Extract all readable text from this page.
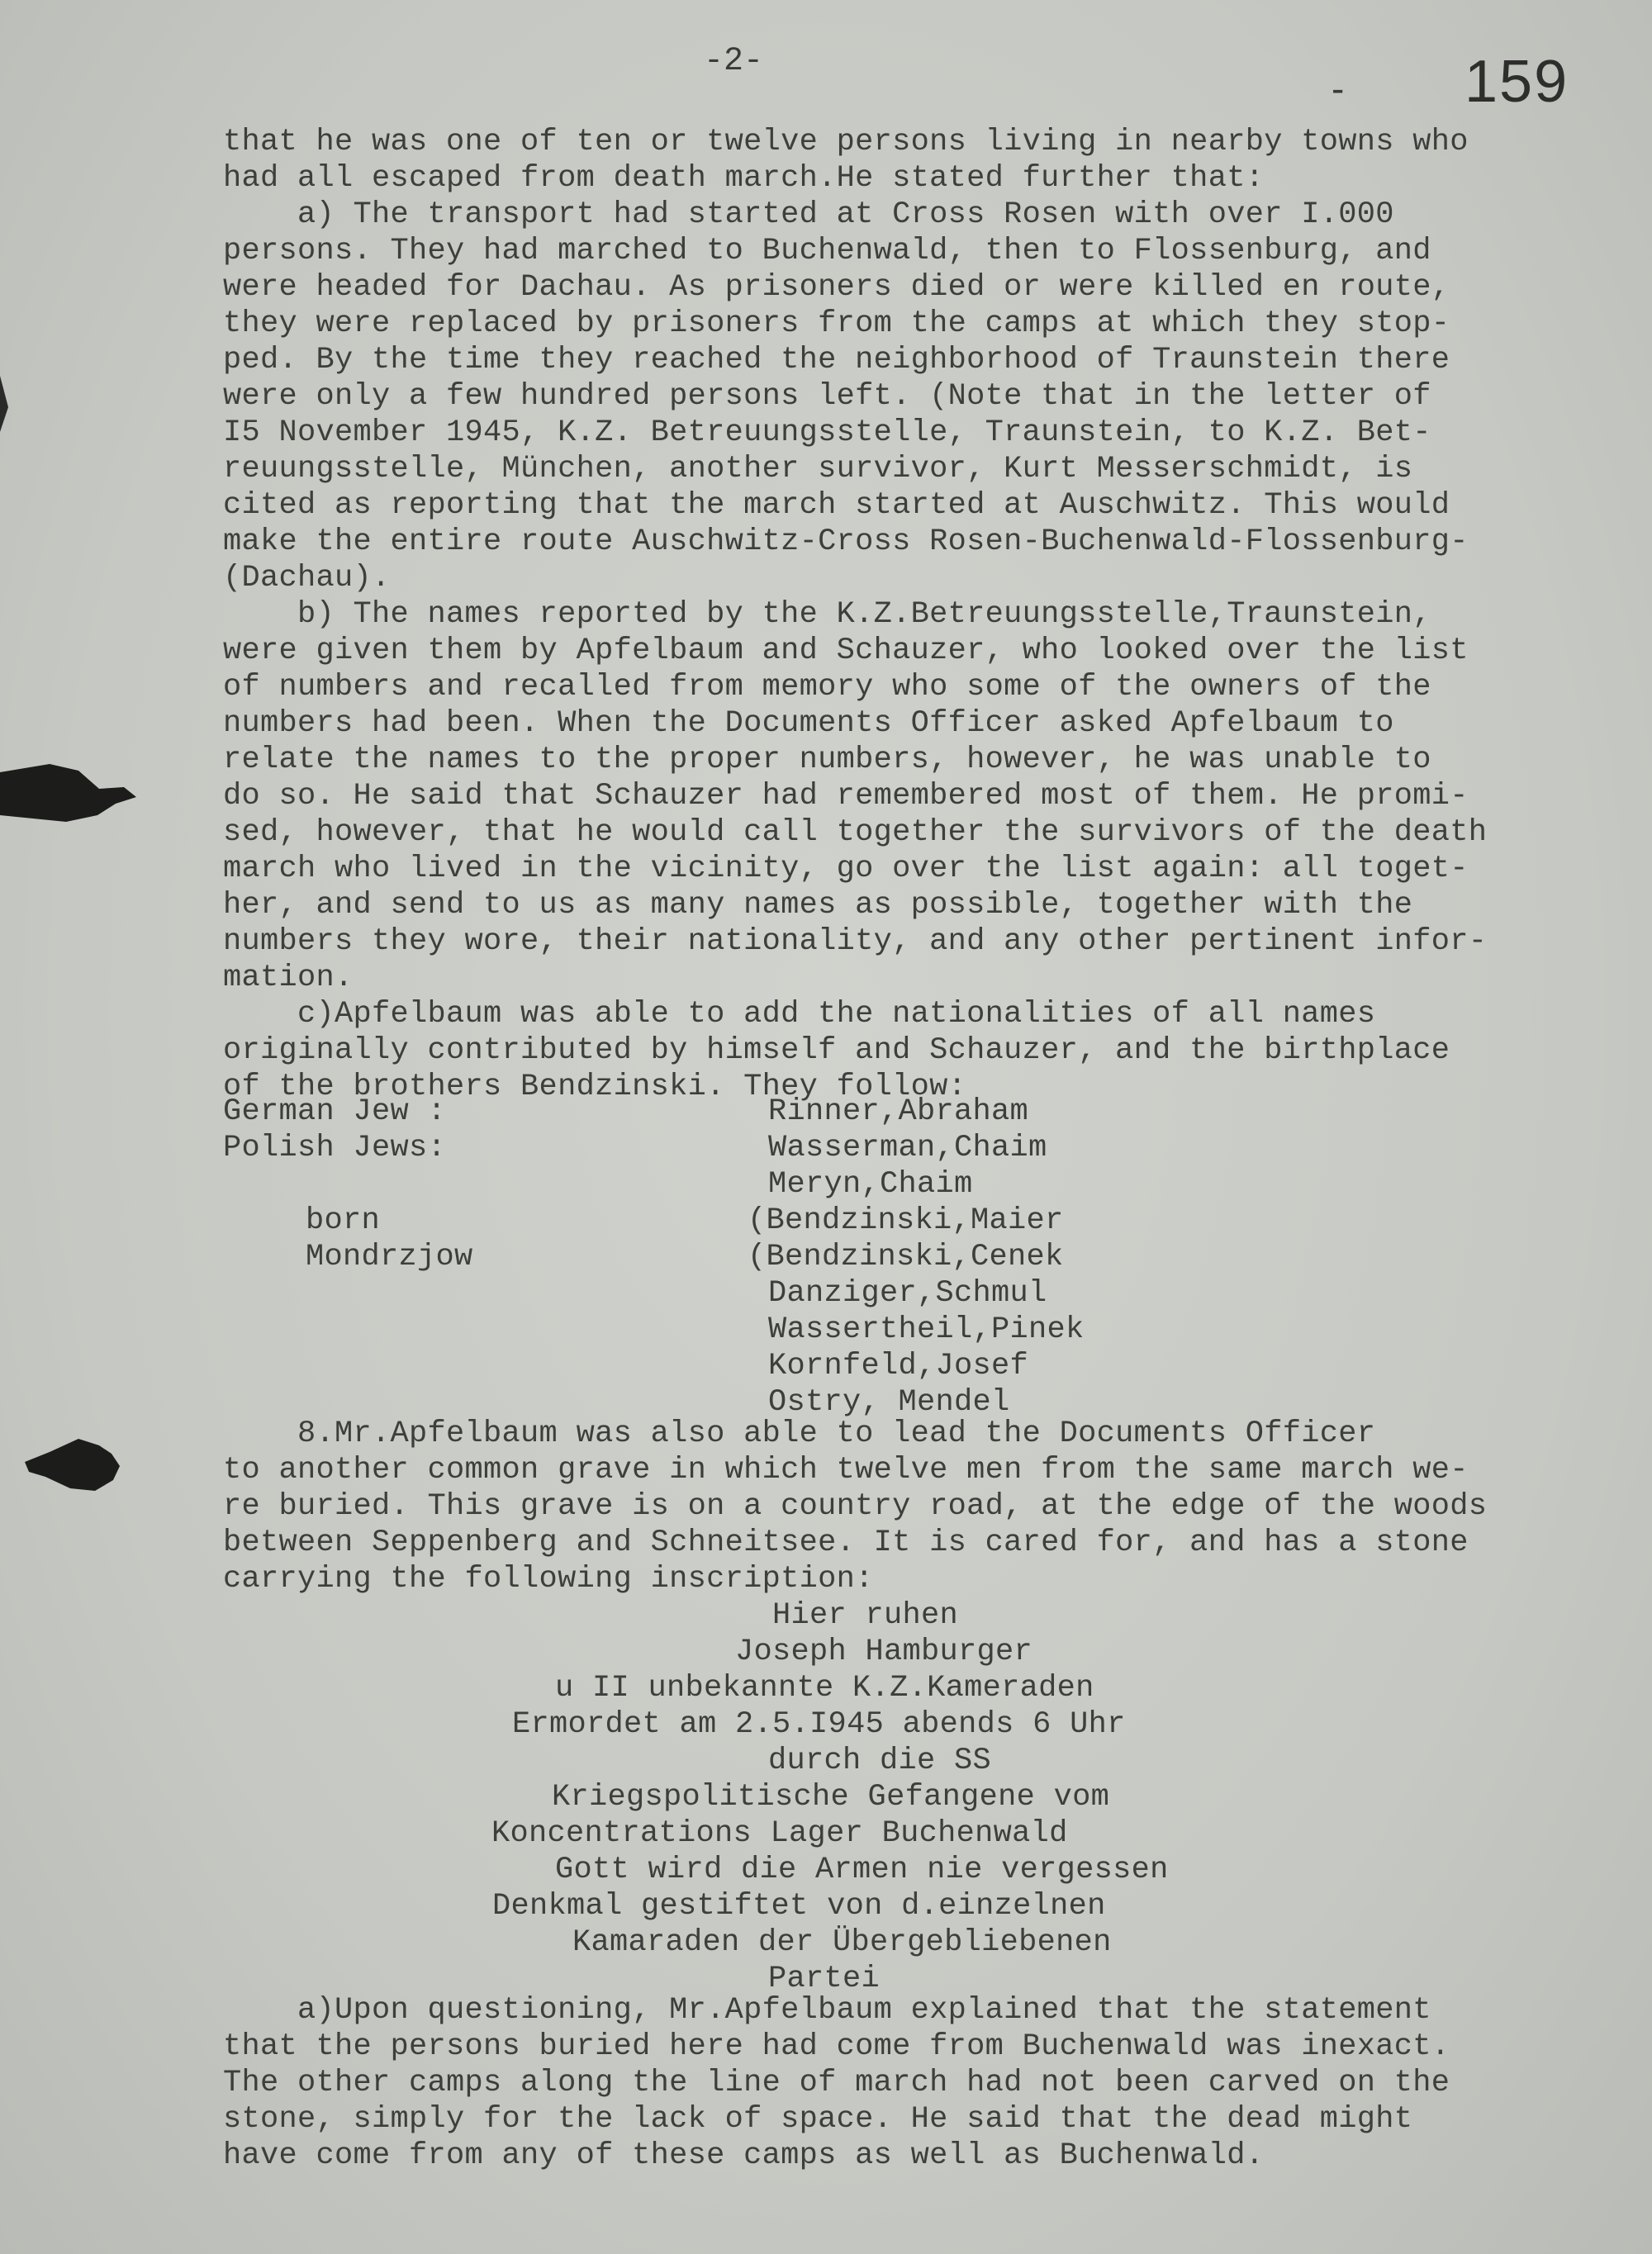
-2-
- 159
that he was one of ten or twelve persons living in nearby towns who
had all escaped from death march.He stated further that:
a) The transport had started at Cross Rosen with over I.000
persons. They had marched to Buchenwald, then to Flossenburg, and
were headed for Dachau. As prisoners died or were killed en route,
they were replaced by prisoners from the camps at which they stop-
ped. By the time they reached the neighborhood of Traunstein there
were only a few hundred persons left. (Note that in the letter of
I5 November 1945, K.Z. Betreuungsstelle, Traunstein, to K.Z. Bet-
reuungsstelle, München, another survivor, Kurt Messerschmidt, is
cited as reporting that the march started at Auschwitz. This would
make the entire route Auschwitz-Cross Rosen-Buchenwald-Flossenburg-
(Dachau).
b) The names reported by the K.Z.Betreuungsstelle,Traunstein,
were given them by Apfelbaum and Schauzer, who looked over the list
of numbers and recalled from memory who some of the owners of the
numbers had been. When the Documents Officer asked Apfelbaum to
relate the names to the proper numbers, however, he was unable to
do so. He said that Schauzer had remembered most of them. He promi-
sed, however, that he would call together the survivors of the death
march who lived in the vicinity, go over the list again: all toget-
her, and send to us as many names as possible, together with the
numbers they wore, their nationality, and any other pertinent infor-
mation.
c)Apfelbaum was able to add the nationalities of all names
originally contributed by himself and Schauzer, and the birthplace
of the brothers Bendzinski. They follow:
German Jew :	Rinner,Abraham
Polish Jews:	Wasserman,Chaim
Meryn,Chaim
born	(Bendzinski,Maier
Mondrzjow	(Bendzinski,Cenek
Danziger,Schmul
Wassertheil,Pinek
Kornfeld,Josef
Ostry, Mendel
8.Mr.Apfelbaum was also able to lead the Documents Officer
to another common grave in which twelve men from the same march we-
re buried. This grave is on a country road, at the edge of the woods
between Seppenberg and Schneitsee. It is cared for, and has a stone
carrying the following inscription:
Hier ruhen
Joseph Hamburger
u II unbekannte K.Z.Kameraden
Ermordet am 2.5.I945 abends 6 Uhr
durch die SS
Kriegspolitische Gefangene vom
Koncentrations Lager Buchenwald
Gott wird die Armen nie vergessen
Denkmal gestiftet von d.einzelnen
Kamaraden der Übergebliebenen
Partei
a)Upon questioning, Mr.Apfelbaum explained that the statement
that the persons buried here had come from Buchenwald was inexact.
The other camps along the line of march had not been carved on the
stone, simply for the lack of space. He said that the dead might
have come from any of these camps as well as Buchenwald.
